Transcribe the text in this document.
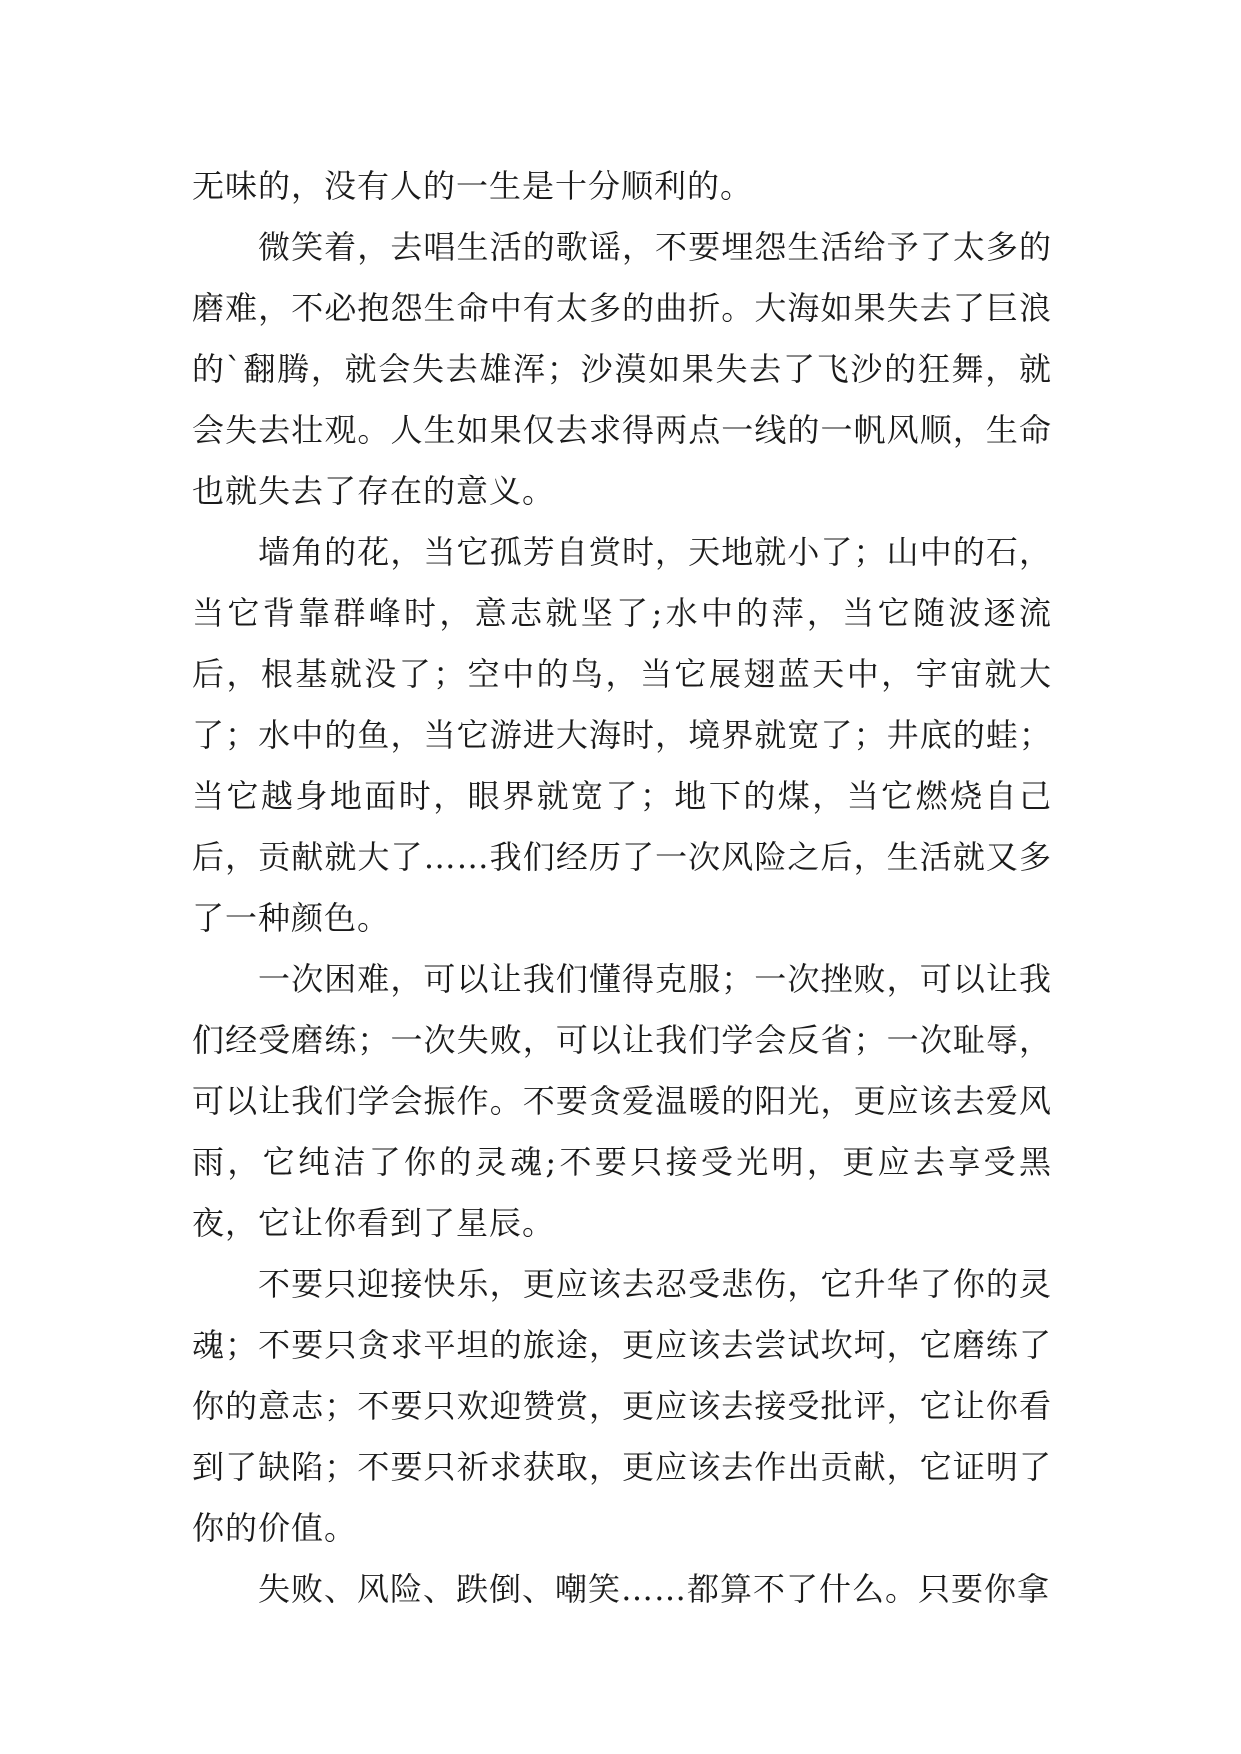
无味的，没有人的一生是十分顺利的。

微笑着，去唱生活的歌谣，不要埋怨生活给予了太多的磨难，不必抱怨生命中有太多的曲折。大海如果失去了巨浪的`翻腾，就会失去雄浑；沙漠如果失去了飞沙的狂舞，就会失去壮观。人生如果仅去求得两点一线的一帆风顺，生命也就失去了存在的意义。

墙角的花，当它孤芳自赏时，天地就小了；山中的石，当它背靠群峰时，意志就坚了;水中的萍，当它随波逐流后，根基就没了；空中的鸟，当它展翅蓝天中，宇宙就大了；水中的鱼，当它游进大海时，境界就宽了；井底的蛙；当它越身地面时，眼界就宽了；地下的煤，当它燃烧自己后，贡献就大了……我们经历了一次风险之后，生活就又多了一种颜色。

一次困难，可以让我们懂得克服；一次挫败，可以让我们经受磨练；一次失败，可以让我们学会反省；一次耻辱，可以让我们学会振作。不要贪爱温暖的阳光，更应该去爱风雨，它纯洁了你的灵魂;不要只接受光明，更应去享受黑夜，它让你看到了星辰。

不要只迎接快乐，更应该去忍受悲伤，它升华了你的灵魂；不要只贪求平坦的旅途，更应该去尝试坎坷，它磨练了你的意志；不要只欢迎赞赏，更应该去接受批评，它让你看到了缺陷；不要只祈求获取，更应该去作出贡献，它证明了你的价值。

失败、风险、跌倒、嘲笑……都算不了什么。只要你拿
